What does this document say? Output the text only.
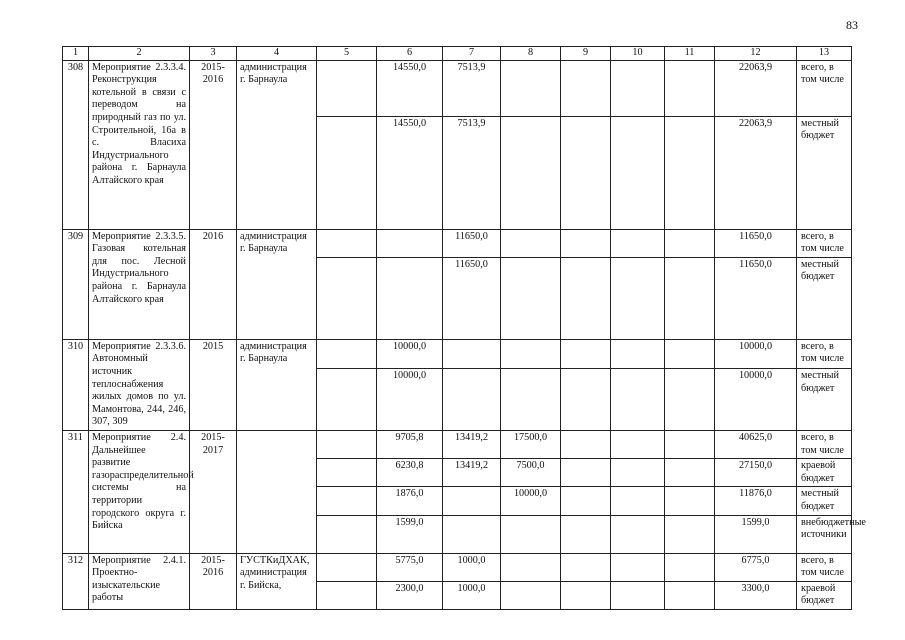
83
1	2	3	4	5	6	7	8	9	10	11	12	13
308	Мероприятие 2.3.3.4. Реконструкция котельной в связи с переводом на природный газ по ул. Строительной, 16а в с. Власиха Индустриального района г. Барнаула Алтайского края	2015-2016	администрация г. Барнаула		14550,0	7513,9					22063,9	всего, в том числе
					14550,0	7513,9					22063,9	местный бюджет
309	Мероприятие 2.3.3.5. Газовая котельная для пос. Лесной Индустриального района г. Барнаула Алтайского края	2016	администрация г. Барнаула			11650,0					11650,0	всего, в том числе
						11650,0					11650,0	местный бюджет
310	Мероприятие 2.3.3.6. Автономный источник теплоснабжения жилых домов по ул. Мамонтова, 244, 246, 307, 309	2015	администрация г. Барнаула		10000,0						10000,0	всего, в том числе
					10000,0						10000,0	местный бюджет
311	Мероприятие 2.4. Дальнейшее развитие газораспределительной системы на территории городского округа г. Бийска	2015-2017			9705,8	13419,2	17500,0				40625,0	всего, в том числе
					6230,8	13419,2	7500,0				27150,0	краевой бюджет
					1876,0		10000,0				11876,0	местный бюджет
					1599,0						1599,0	внебюджетные источники
312	Мероприятие 2.4.1. Проектно-изыскательские работы	2015-2016	ГУСТКиДХАК, администрация г. Бийска,		5775,0	1000,0					6775,0	всего, в том числе
					2300,0	1000,0					3300,0	краевой бюджет
